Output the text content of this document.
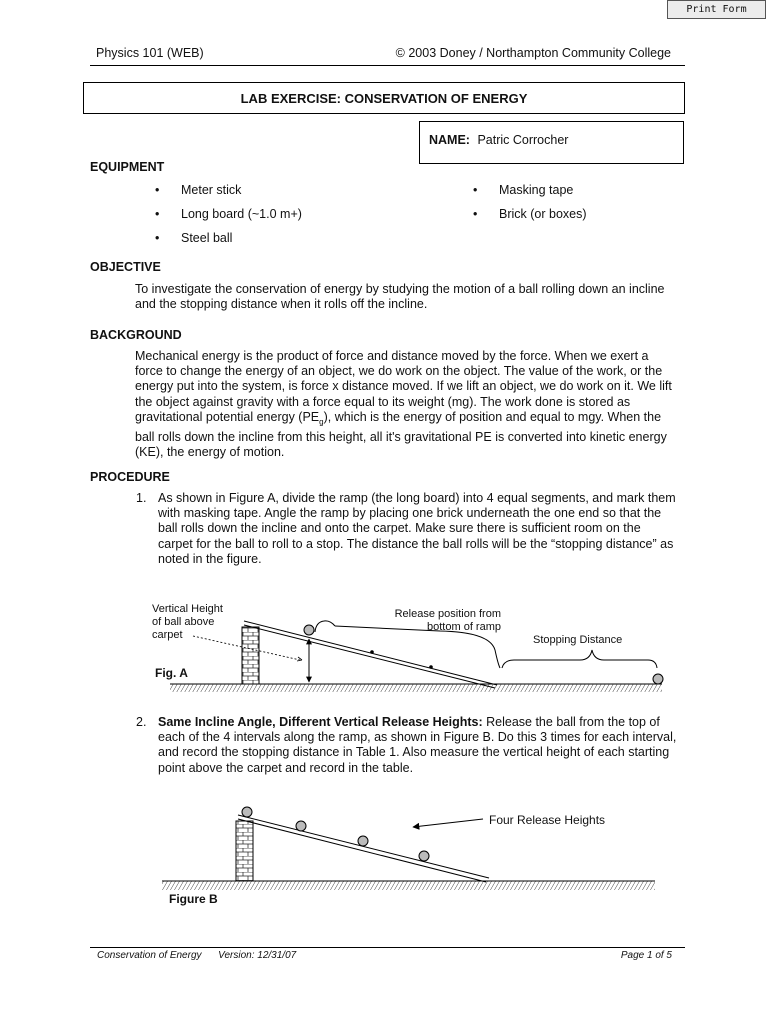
Print Form
Physics 101 (WEB)	© 2003 Doney / Northampton Community College
LAB EXERCISE: CONSERVATION OF ENERGY
NAME: Patric Corrocher
EQUIPMENT
• Meter stick
• Long board (~1.0 m+)
• Steel ball
• Masking tape
• Brick (or boxes)
OBJECTIVE
To investigate the conservation of energy by studying the motion of a ball rolling down an incline and the stopping distance when it rolls off the incline.
BACKGROUND
Mechanical energy is the product of force and distance moved by the force. When we exert a force to change the energy of an object, we do work on the object. The value of the work, or the energy put into the system, is force x distance moved. If we lift an object, we do work on it. We lift the object against gravity with a force equal to its weight (mg). The work done is stored as gravitational potential energy $(PE_g)$, which is the energy of position and equal to mgy. When the ball rolls down the incline from this height, all it's gravitational PE is converted into kinetic energy (KE), the energy of motion.
PROCEDURE
1. As shown in Figure A, divide the ramp (the long board) into 4 equal segments, and mark them with masking tape. Angle the ramp by placing one brick underneath the one end so that the ball rolls down the incline and onto the carpet. Make sure there is sufficient room on the carpet for the ball to roll to a stop. The distance the ball rolls will be the “stopping distance” as noted in the figure.
Vertical Height
of ball above
carpet
Release position from
bottom of ramp
Stopping Distance
Fig. A
2. Same Incline Angle, Different Vertical Release Heights: Release the ball from the top of each of the 4 intervals along the ramp, as shown in Figure B. Do this 3 times for each interval, and record the stopping distance in Table 1. Also measure the vertical height of each starting point above the carpet and record in the table.
Four Release Heights
Figure B
Conservation of Energy      Version: 12/31/07	Page 1 of 5
